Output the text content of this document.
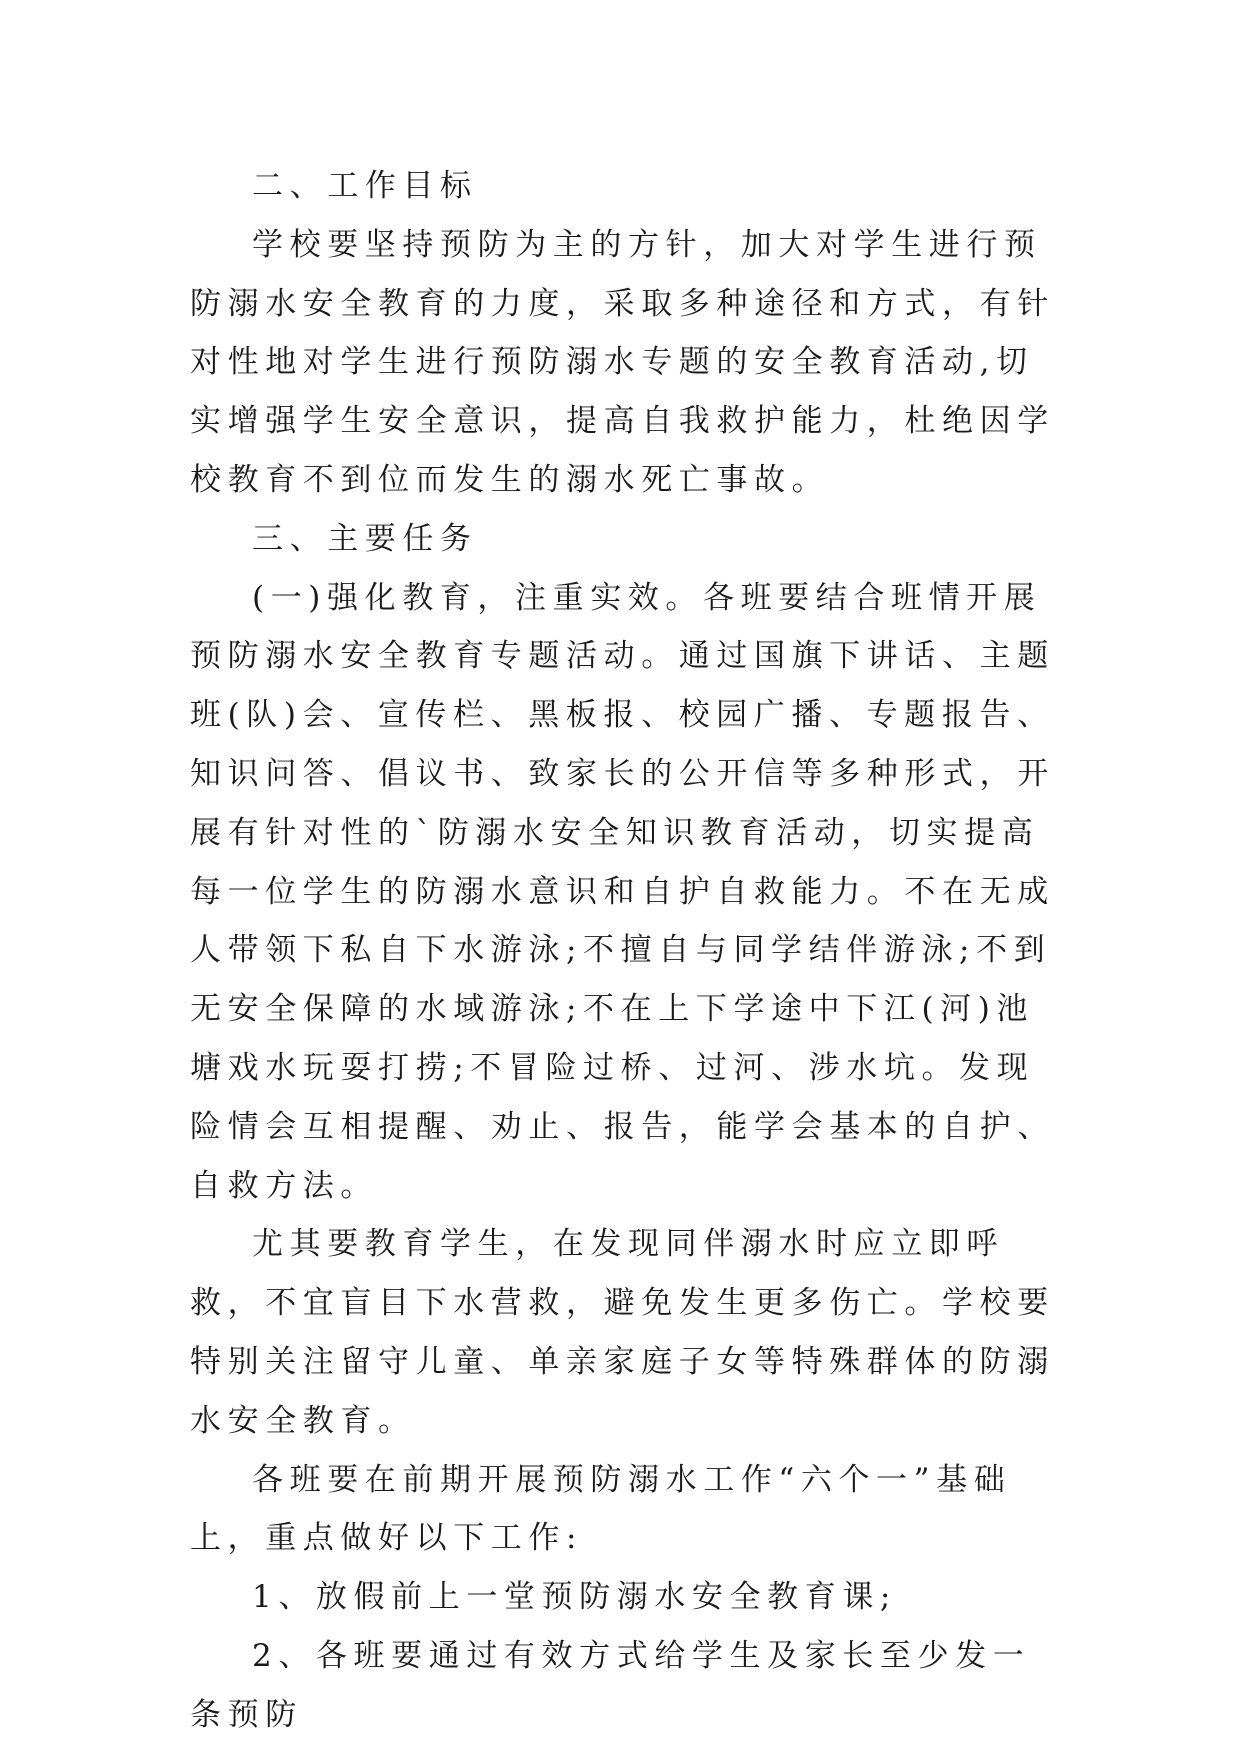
二、工作目标

学校要坚持预防为主的方针，加大对学生进行预防溺水安全教育的力度，采取多种途径和方式，有针对性地对学生进行预防溺水专题的安全教育活动,切实增强学生安全意识，提高自我救护能力，杜绝因学校教育不到位而发生的溺水死亡事故。

三、主要任务

(一)强化教育，注重实效。各班要结合班情开展预防溺水安全教育专题活动。通过国旗下讲话、主题班(队)会、宣传栏、黑板报、校园广播、专题报告、知识问答、倡议书、致家长的公开信等多种形式，开展有针对性的`防溺水安全知识教育活动，切实提高每一位学生的防溺水意识和自护自救能力。不在无成人带领下私自下水游泳;不擅自与同学结伴游泳;不到无安全保障的水域游泳;不在上下学途中下江(河)池塘戏水玩耍打捞;不冒险过桥、过河、涉水坑。发现险情会互相提醒、劝止、报告，能学会基本的自护、自救方法。

尤其要教育学生，在发现同伴溺水时应立即呼救，不宜盲目下水营救，避免发生更多伤亡。学校要特别关注留守儿童、单亲家庭子女等特殊群体的防溺水安全教育。

各班要在前期开展预防溺水工作“六个一”基础上，重点做好以下工作:

1、放假前上一堂预防溺水安全教育课;

2、各班要通过有效方式给学生及家长至少发一条预防
